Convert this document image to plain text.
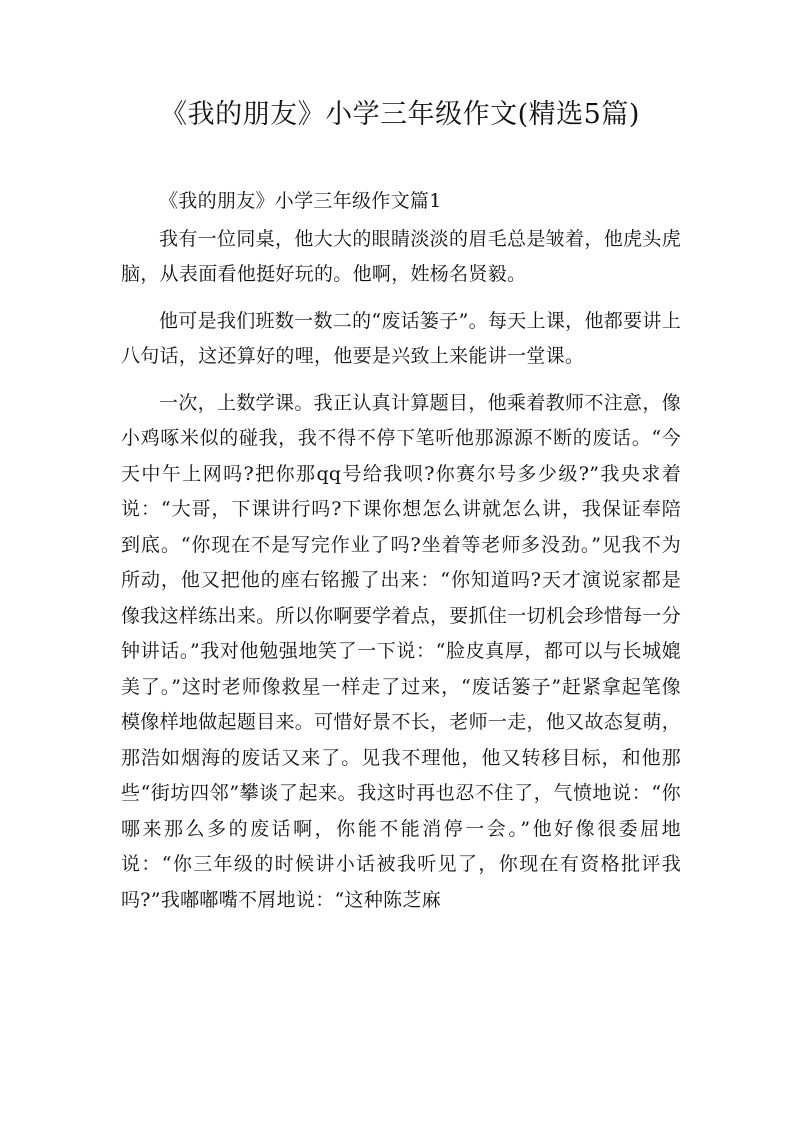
《我的朋友》小学三年级作文(精选5篇)

《我的朋友》小学三年级作文篇1

我有一位同桌，他大大的眼睛淡淡的眉毛总是皱着，他虎头虎脑，从表面看他挺好玩的。他啊，姓杨名贤毅。

他可是我们班数一数二的“废话篓子”。每天上课，他都要讲上八句话，这还算好的哩，他要是兴致上来能讲一堂课。

一次，上数学课。我正认真计算题目，他乘着教师不注意，像小鸡啄米似的碰我，我不得不停下笔听他那源源不断的废话。“今天中午上网吗?把你那qq号给我呗?你赛尔号多少级?”我央求着说：“大哥，下课讲行吗?下课你想怎么讲就怎么讲，我保证奉陪到底。“你现在不是写完作业了吗?坐着等老师多没劲。”见我不为所动，他又把他的座右铭搬了出来：“你知道吗?天才演说家都是像我这样练出来。所以你啊要学着点，要抓住一切机会珍惜每一分钟讲话。”我对他勉强地笑了一下说：“脸皮真厚，都可以与长城媲美了。”这时老师像救星一样走了过来，“废话篓子”赶紧拿起笔像模像样地做起题目来。可惜好景不长，老师一走，他又故态复萌，那浩如烟海的废话又来了。见我不理他，他又转移目标，和他那些“街坊四邻”攀谈了起来。我这时再也忍不住了，气愤地说：“你哪来那么多的废话啊，你能不能消停一会。”他好像很委屈地说：“你三年级的时候讲小话被我听见了，你现在有资格批评我吗?”我嘟嘟嘴不屑地说：“这种陈芝麻
